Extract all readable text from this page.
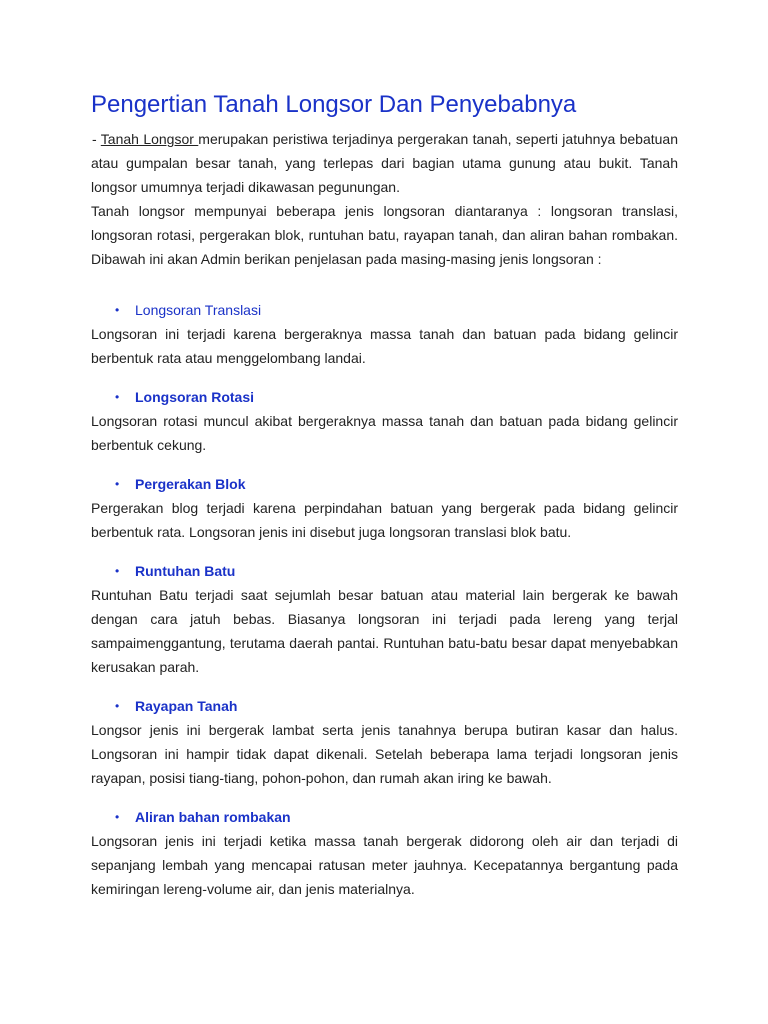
Pengertian Tanah Longsor Dan Penyebabnya

- Tanah Longsor merupakan peristiwa terjadinya pergerakan tanah, seperti jatuhnya bebatuan atau gumpalan besar tanah, yang terlepas dari bagian utama gunung atau bukit. Tanah longsor umumnya terjadi dikawasan pegunungan.

Tanah longsor mempunyai beberapa jenis longsoran diantaranya : longsoran translasi, longsoran rotasi, pergerakan blok, runtuhan batu, rayapan tanah, dan aliran bahan rombakan. Dibawah ini akan Admin berikan penjelasan pada masing-masing jenis longsoran :

• Longsoran Translasi

Longsoran ini terjadi karena bergeraknya massa tanah dan batuan pada bidang gelincir berbentuk rata atau menggelombang landai.

• Longsoran Rotasi

Longsoran rotasi muncul akibat bergeraknya massa tanah dan batuan pada bidang gelincir berbentuk cekung.

• Pergerakan Blok

Pergerakan blog terjadi karena perpindahan batuan yang bergerak pada bidang gelincir berbentuk rata. Longsoran jenis ini disebut juga longsoran translasi blok batu.

• Runtuhan Batu

Runtuhan Batu terjadi saat sejumlah besar batuan atau material lain bergerak ke bawah dengan cara jatuh bebas. Biasanya longsoran ini terjadi pada lereng yang terjal sampaimenggantung, terutama daerah pantai. Runtuhan batu-batu besar dapat menyebabkan kerusakan parah.

• Rayapan Tanah

Longsor jenis ini bergerak lambat serta jenis tanahnya berupa butiran kasar dan halus. Longsoran ini hampir tidak dapat dikenali. Setelah beberapa lama terjadi longsoran jenis rayapan, posisi tiang-tiang, pohon-pohon, dan rumah akan iring ke bawah.

• Aliran bahan rombakan

Longsoran jenis ini terjadi ketika massa tanah bergerak didorong oleh air dan terjadi di sepanjang lembah yang mencapai ratusan meter jauhnya. Kecepatannya bergantung pada kemiringan lereng-volume air, dan jenis materialnya.
